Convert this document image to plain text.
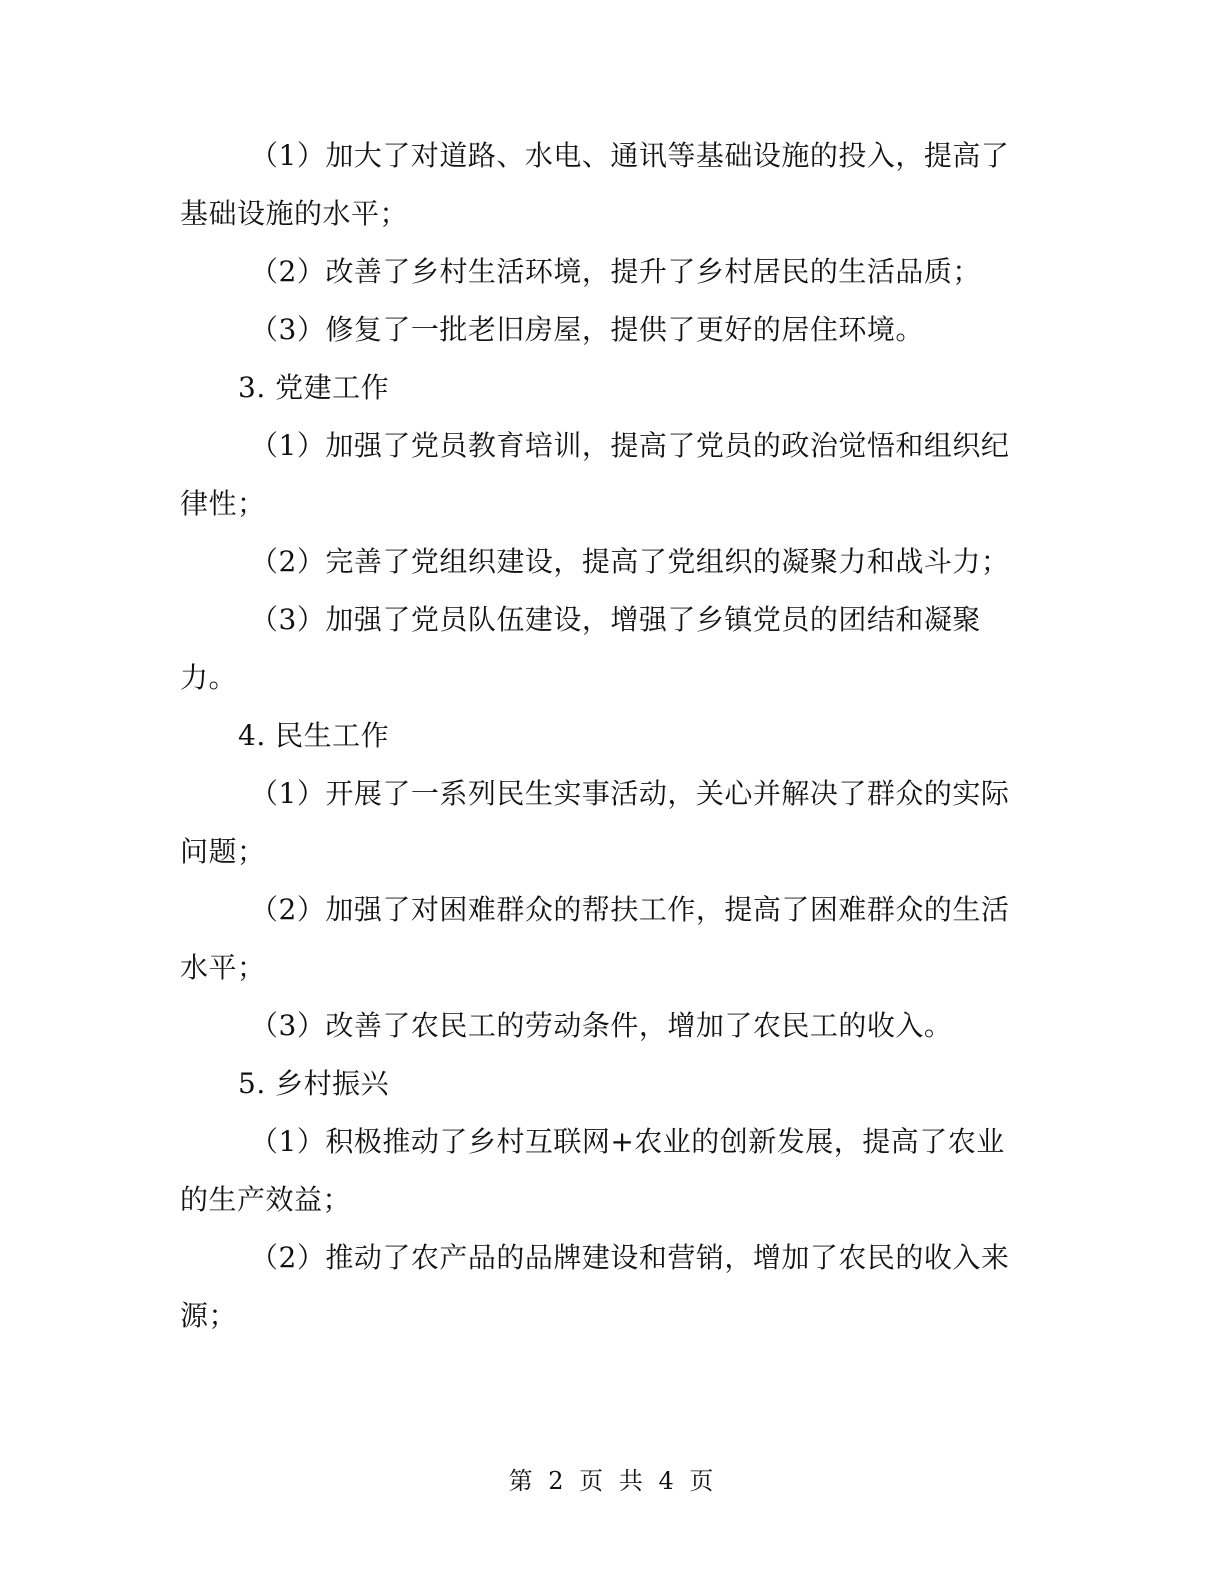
（1）加大了对道路、水电、通讯等基础设施的投入，提高了基础设施的水平；

（2）改善了乡村生活环境，提升了乡村居民的生活品质；

（3）修复了一批老旧房屋，提供了更好的居住环境。

3. 党建工作

（1）加强了党员教育培训，提高了党员的政治觉悟和组织纪律性；

（2）完善了党组织建设，提高了党组织的凝聚力和战斗力；

（3）加强了党员队伍建设，增强了乡镇党员的团结和凝聚力。

4. 民生工作

（1）开展了一系列民生实事活动，关心并解决了群众的实际问题；

（2）加强了对困难群众的帮扶工作，提高了困难群众的生活水平；

（3）改善了农民工的劳动条件，增加了农民工的收入。

5. 乡村振兴

（1）积极推动了乡村互联网+农业的创新发展，提高了农业的生产效益；

（2）推动了农产品的品牌建设和营销，增加了农民的收入来源；

第 2 页 共 4 页
